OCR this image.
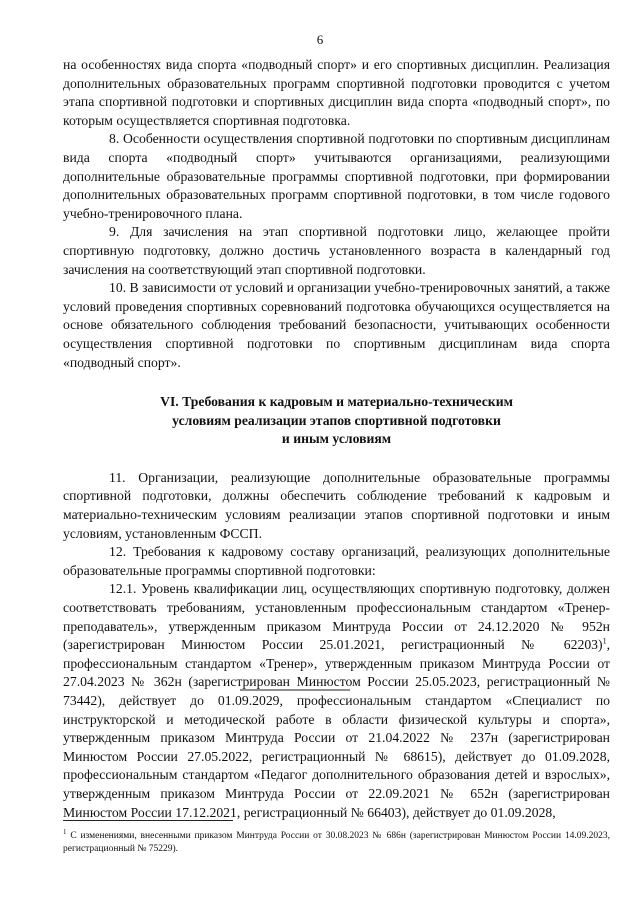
6

на особенностях вида спорта «подводный спорт» и его спортивных дисциплин. Реализация дополнительных образовательных программ спортивной подготовки проводится с учетом этапа спортивной подготовки и спортивных дисциплин вида спорта «подводный спорт», по которым осуществляется спортивная подготовка.

8. Особенности осуществления спортивной подготовки по спортивным дисциплинам вида спорта «подводный спорт» учитываются организациями, реализующими дополнительные образовательные программы спортивной подготовки, при формировании дополнительных образовательных программ спортивной подготовки, в том числе годового учебно-тренировочного плана.

9. Для зачисления на этап спортивной подготовки лицо, желающее пройти спортивную подготовку, должно достичь установленного возраста в календарный год зачисления на соответствующий этап спортивной подготовки.

10. В зависимости от условий и организации учебно-тренировочных занятий, а также условий проведения спортивных соревнований подготовка обучающихся осуществляется на основе обязательного соблюдения требований безопасности, учитывающих особенности осуществления спортивной подготовки по спортивным дисциплинам вида спорта «подводный спорт».

VI. Требования к кадровым и материально-техническим
условиям реализации этапов спортивной подготовки
и иным условиям

11. Организации, реализующие дополнительные образовательные программы спортивной подготовки, должны обеспечить соблюдение требований к кадровым и материально-техническим условиям реализации этапов спортивной подготовки и иным условиям, установленным ФССП.

12. Требования к кадровому составу организаций, реализующих дополнительные образовательные программы спортивной подготовки:

12.1. Уровень квалификации лиц, осуществляющих спортивную подготовку, должен соответствовать требованиям, установленным профессиональным стандартом «Тренер-преподаватель», утвержденным приказом Минтруда России от 24.12.2020 № 952н (зарегистрирован Минюстом России 25.01.2021, регистрационный № 62203)$^1$, профессиональным стандартом «Тренер», утвержденным приказом Минтруда России от 27.04.2023 № 362н (зарегистрирован Минюстом России 25.05.2023, регистрационный № 73442), действует до 01.09.2029, профессиональным стандартом «Специалист по инструкторской и методической работе в области физической культуры и спорта», утвержденным приказом Минтруда России от 21.04.2022 № 237н (зарегистрирован Минюстом России 27.05.2022, регистрационный № 68615), действует до 01.09.2028, профессиональным стандартом «Педагог дополнительного образования детей и взрослых», утвержденным приказом Минтруда России от 22.09.2021 № 652н (зарегистрирован Минюстом России 17.12.2021, регистрационный № 66403), действует до 01.09.2028,

$^1$ С изменениями, внесенными приказом Минтруда России от 30.08.2023 № 686н (зарегистрирован Минюстом России 14.09.2023, регистрационный № 75229).
